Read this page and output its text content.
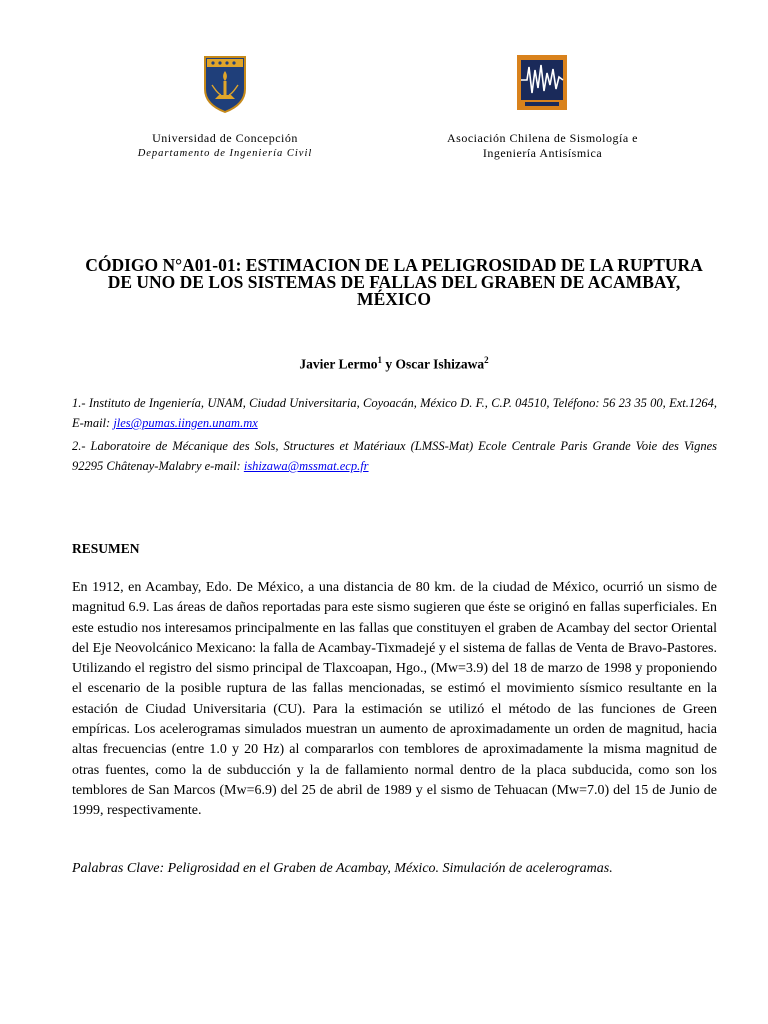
Universidad de Concepción
Departamento de Ingeniería Civil
Asociación Chilena de Sismología e
Ingeniería Antisísmica
CÓDIGO N°A01-01: ESTIMACION DE LA PELIGROSIDAD DE LA RUPTURA
DE UNO DE LOS SISTEMAS DE FALLAS DEL GRABEN DE ACAMBAY,
MÉXICO
Javier Lermo$^1$ y Oscar Ishizawa$^2$
1.- Instituto de Ingeniería, UNAM, Ciudad Universitaria, Coyoacán, México D. F., C.P. 04510, Teléfono: 56 23 35 00, Ext.1264, E-mail: jles@pumas.iingen.unam.mx
2.- Laboratoire de Mécanique des Sols, Structures et Matériaux (LMSS-Mat) Ecole Centrale Paris Grande Voie des Vignes 92295 Châtenay-Malabry e-mail: ishizawa@mssmat.ecp.fr
RESUMEN
En 1912, en Acambay, Edo. De México, a una distancia de 80 km. de la ciudad de México, ocurrió un sismo de magnitud 6.9. Las áreas de daños reportadas para este sismo sugieren que éste se originó en fallas superficiales. En este estudio nos interesamos principalmente en las fallas que constituyen el graben de Acambay del sector Oriental del Eje Neovolcánico Mexicano: la falla de Acambay-Tixmadejé y el sistema de fallas de Venta de Bravo-Pastores. Utilizando el registro del sismo principal de Tlaxcoapan, Hgo., (Mw=3.9) del 18 de marzo de 1998 y proponiendo el escenario de la posible ruptura de las fallas mencionadas, se estimó el movimiento sísmico resultante en la estación de Ciudad Universitaria (CU). Para la estimación se utilizó el método de las funciones de Green empíricas. Los acelerogramas simulados muestran un aumento de aproximadamente un orden de magnitud, hacia altas frecuencias (entre 1.0 y 20 Hz) al compararlos con temblores de aproximadamente la misma magnitud de otras fuentes, como la de subducción y la de fallamiento normal dentro de la placa subducida, como son los temblores de San Marcos (Mw=6.9) del 25 de abril de 1989 y el sismo de Tehuacan (Mw=7.0) del 15 de Junio de 1999, respectivamente.
Palabras Clave: Peligrosidad en el Graben de Acambay, México. Simulación de acelerogramas.
